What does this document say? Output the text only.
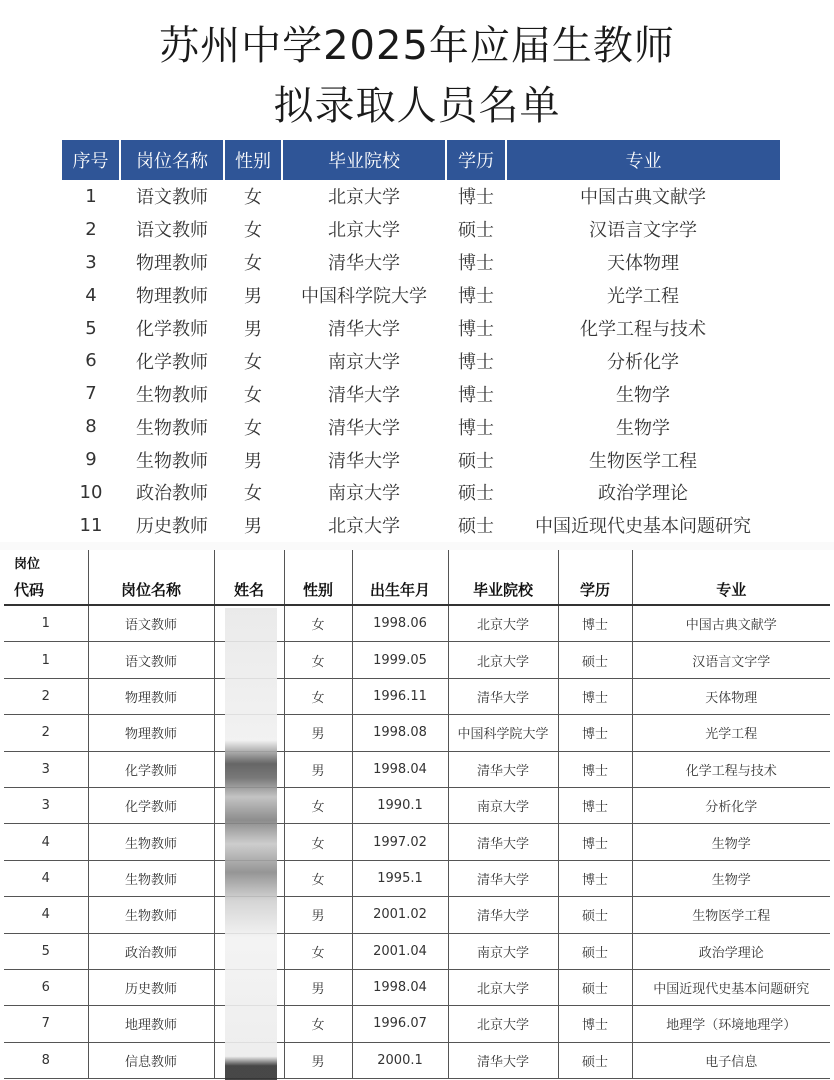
苏州中学2025年应届生教师
拟录取人员名单
序号	岗位名称	性别	毕业院校	学历	专业
1	语文教师	女	北京大学	博士	中国古典文献学
2	语文教师	女	北京大学	硕士	汉语言文字学
3	物理教师	女	清华大学	博士	天体物理
4	物理教师	男	中国科学院大学	博士	光学工程
5	化学教师	男	清华大学	博士	化学工程与技术
6	化学教师	女	南京大学	博士	分析化学
7	生物教师	女	清华大学	博士	生物学
8	生物教师	女	清华大学	博士	生物学
9	生物教师	男	清华大学	硕士	生物医学工程
10	政治教师	女	南京大学	硕士	政治学理论
11	历史教师	男	北京大学	硕士	中国近现代史基本问题研究
岗位
代码	岗位名称	姓名	性别	出生年月	毕业院校	学历	专业
1	语文教师		女	1998.06	北京大学	博士	中国古典文献学
1	语文教师		女	1999.05	北京大学	硕士	汉语言文字学
2	物理教师		女	1996.11	清华大学	博士	天体物理
2	物理教师		男	1998.08	中国科学院大学	博士	光学工程
3	化学教师		男	1998.04	清华大学	博士	化学工程与技术
3	化学教师		女	1990.1	南京大学	博士	分析化学
4	生物教师		女	1997.02	清华大学	博士	生物学
4	生物教师		女	1995.1	清华大学	博士	生物学
4	生物教师		男	2001.02	清华大学	硕士	生物医学工程
5	政治教师		女	2001.04	南京大学	硕士	政治学理论
6	历史教师		男	1998.04	北京大学	硕士	中国近现代史基本问题研究
7	地理教师		女	1996.07	北京大学	博士	地理学（环境地理学）
8	信息教师		男	2000.1	清华大学	硕士	电子信息
